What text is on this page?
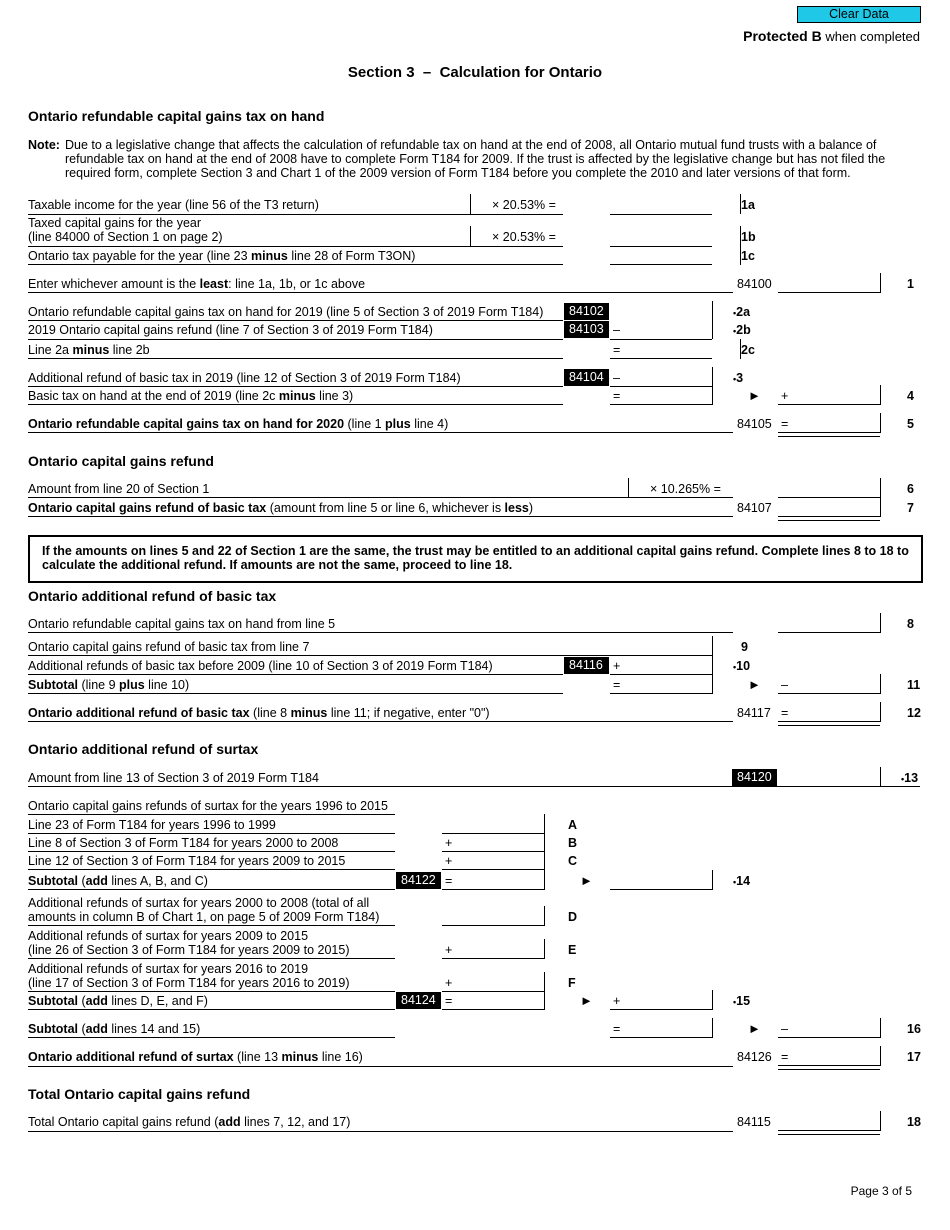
Clear Data
Protected B when completed
Section 3  –  Calculation for Ontario
Ontario refundable capital gains tax on hand
Note: Due to a legislative change that affects the calculation of refundable tax on hand at the end of 2008, all Ontario mutual fund trusts with a balance of
refundable tax on hand at the end of 2008 have to complete Form T184 for 2009. If the trust is affected by the legislative change but has not filed the
required form, complete Section 3 and Chart 1 of the 2009 version of Form T184 before you complete the 2010 and later versions of that form.
Taxable income for the year (line 56 of the T3 return)	× 20.53% =	1a
Taxed capital gains for the year
(line 84000 of Section 1 on page 2)	× 20.53% =	1b
Ontario tax payable for the year (line 23 minus line 28 of Form T3ON)	1c
Enter whichever amount is the least: line 1a, 1b, or 1c above	84100	1
Ontario refundable capital gains tax on hand for 2019 (line 5 of Section 3 of 2019 Form T184)	84102	•2a
2019 Ontario capital gains refund (line 7 of Section 3 of 2019 Form T184)	84103 –	•2b
Line 2a minus line 2b	=	2c
Additional refund of basic tax in 2019 (line 12 of Section 3 of 2019 Form T184)	84104 –	•3
Basic tax on hand at the end of 2019 (line 2c minus line 3)	=	► +	4
Ontario refundable capital gains tax on hand for 2020 (line 1 plus line 4)	84105 =	5
Ontario capital gains refund
Amount from line 20 of Section 1	× 10.265% =	6
Ontario capital gains refund of basic tax (amount from line 5 or line 6, whichever is less)	84107	7
If the amounts on lines 5 and 22 of Section 1 are the same, the trust may be entitled to an additional capital gains refund. Complete lines 8 to 18 to
calculate the additional refund. If amounts are not the same, proceed to line 18.
Ontario additional refund of basic tax
Ontario refundable capital gains tax on hand from line 5	8
Ontario capital gains refund of basic tax from line 7	9
Additional refunds of basic tax before 2009 (line 10 of Section 3 of 2019 Form T184)	84116 +	•10
Subtotal (line 9 plus line 10)	=	► –	11
Ontario additional refund of basic tax (line 8 minus line 11; if negative, enter "0")	84117 =	12
Ontario additional refund of surtax
Amount from line 13 of Section 3 of 2019 Form T184	84120	•13
Ontario capital gains refunds of surtax for the years 1996 to 2015
Line 23 of Form T184 for years 1996 to 1999	A
Line 8 of Section 3 of Form T184 for years 2000 to 2008	+	B
Line 12 of Section 3 of Form T184 for years 2009 to 2015	+	C
Subtotal (add lines A, B, and C)	84122 =	►	•14
Additional refunds of surtax for years 2000 to 2008 (total of all
amounts in column B of Chart 1, on page 5 of 2009 Form T184)	D
Additional refunds of surtax for years 2009 to 2015
(line 26 of Section 3 of Form T184 for years 2009 to 2015)	+	E
Additional refunds of surtax for years 2016 to 2019
(line 17 of Section 3 of Form T184 for years 2016 to 2019)	+	F
Subtotal (add lines D, E, and F)	84124 =	► +	•15
Subtotal (add lines 14 and 15)	=	► –	16
Ontario additional refund of surtax (line 13 minus line 16)	84126 =	17
Total Ontario capital gains refund
Total Ontario capital gains refund (add lines 7, 12, and 17)	84115	18
Page 3 of 5
